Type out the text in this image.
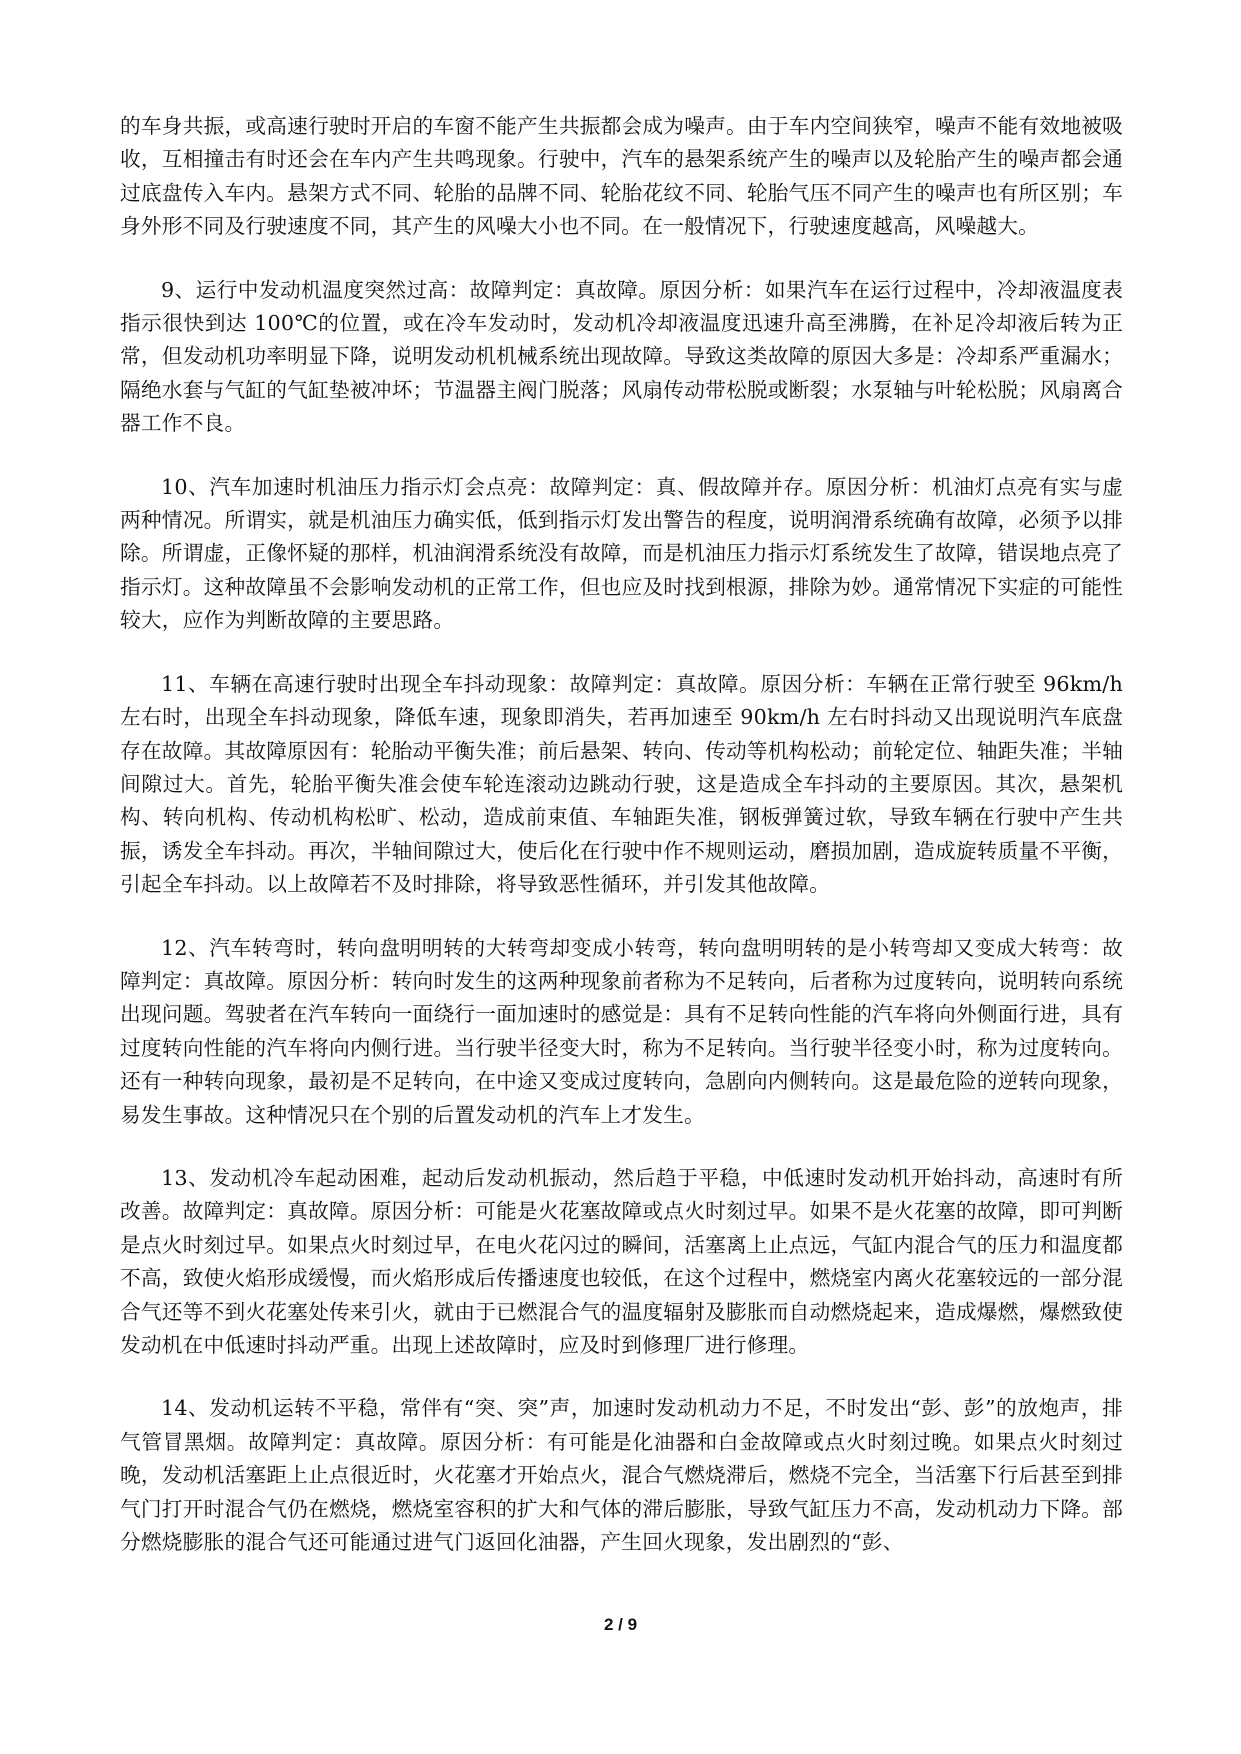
的车身共振，或高速行驶时开启的车窗不能产生共振都会成为噪声。由于车内空间狭窄，噪声不能有效地被吸收，互相撞击有时还会在车内产生共鸣现象。行驶中，汽车的悬架系统产生的噪声以及轮胎产生的噪声都会通过底盘传入车内。悬架方式不同、轮胎的品牌不同、轮胎花纹不同、轮胎气压不同产生的噪声也有所区别；车身外形不同及行驶速度不同，其产生的风噪大小也不同。在一般情况下，行驶速度越高，风噪越大。

9、运行中发动机温度突然过高：故障判定：真故障。原因分析：如果汽车在运行过程中，冷却液温度表指示很快到达 100℃的位置，或在冷车发动时，发动机冷却液温度迅速升高至沸腾，在补足冷却液后转为正常，但发动机功率明显下降，说明发动机机械系统出现故障。导致这类故障的原因大多是：冷却系严重漏水；隔绝水套与气缸的气缸垫被冲坏；节温器主阀门脱落；风扇传动带松脱或断裂；水泵轴与叶轮松脱；风扇离合器工作不良。

10、汽车加速时机油压力指示灯会点亮：故障判定：真、假故障并存。原因分析：机油灯点亮有实与虚两种情况。所谓实，就是机油压力确实低，低到指示灯发出警告的程度，说明润滑系统确有故障，必须予以排除。所谓虚，正像怀疑的那样，机油润滑系统没有故障，而是机油压力指示灯系统发生了故障，错误地点亮了指示灯。这种故障虽不会影响发动机的正常工作，但也应及时找到根源，排除为妙。通常情况下实症的可能性较大，应作为判断故障的主要思路。

11、车辆在高速行驶时出现全车抖动现象：故障判定：真故障。原因分析：车辆在正常行驶至 96km/h 左右时，出现全车抖动现象，降低车速，现象即消失，若再加速至 90km/h 左右时抖动又出现说明汽车底盘存在故障。其故障原因有：轮胎动平衡失准；前后悬架、转向、传动等机构松动；前轮定位、轴距失准；半轴间隙过大。首先，轮胎平衡失准会使车轮连滚动边跳动行驶，这是造成全车抖动的主要原因。其次，悬架机构、转向机构、传动机构松旷、松动，造成前束值、车轴距失准，钢板弹簧过软，导致车辆在行驶中产生共振，诱发全车抖动。再次，半轴间隙过大，使后化在行驶中作不规则运动，磨损加剧，造成旋转质量不平衡，引起全车抖动。以上故障若不及时排除，将导致恶性循环，并引发其他故障。

12、汽车转弯时，转向盘明明转的大转弯却变成小转弯，转向盘明明转的是小转弯却又变成大转弯：故障判定：真故障。原因分析：转向时发生的这两种现象前者称为不足转向，后者称为过度转向，说明转向系统出现问题。驾驶者在汽车转向一面绕行一面加速时的感觉是：具有不足转向性能的汽车将向外侧面行进，具有过度转向性能的汽车将向内侧行进。当行驶半径变大时，称为不足转向。当行驶半径变小时，称为过度转向。还有一种转向现象，最初是不足转向，在中途又变成过度转向，急剧向内侧转向。这是最危险的逆转向现象，易发生事故。这种情况只在个别的后置发动机的汽车上才发生。

13、发动机冷车起动困难，起动后发动机振动，然后趋于平稳，中低速时发动机开始抖动，高速时有所改善。故障判定：真故障。原因分析：可能是火花塞故障或点火时刻过早。如果不是火花塞的故障，即可判断是点火时刻过早。如果点火时刻过早，在电火花闪过的瞬间，活塞离上止点远，气缸内混合气的压力和温度都不高，致使火焰形成缓慢，而火焰形成后传播速度也较低，在这个过程中，燃烧室内离火花塞较远的一部分混合气还等不到火花塞处传来引火，就由于已燃混合气的温度辐射及膨胀而自动燃烧起来，造成爆燃，爆燃致使发动机在中低速时抖动严重。出现上述故障时，应及时到修理厂进行修理。

14、发动机运转不平稳，常伴有“突、突”声，加速时发动机动力不足，不时发出“彭、彭”的放炮声，排气管冒黑烟。故障判定：真故障。原因分析：有可能是化油器和白金故障或点火时刻过晚。如果点火时刻过晚，发动机活塞距上止点很近时，火花塞才开始点火，混合气燃烧滞后，燃烧不完全，当活塞下行后甚至到排气门打开时混合气仍在燃烧，燃烧室容积的扩大和气体的滞后膨胀，导致气缸压力不高，发动机动力下降。部分燃烧膨胀的混合气还可能通过进气门返回化油器，产生回火现象，发出剧烈的“彭、

2 / 9
